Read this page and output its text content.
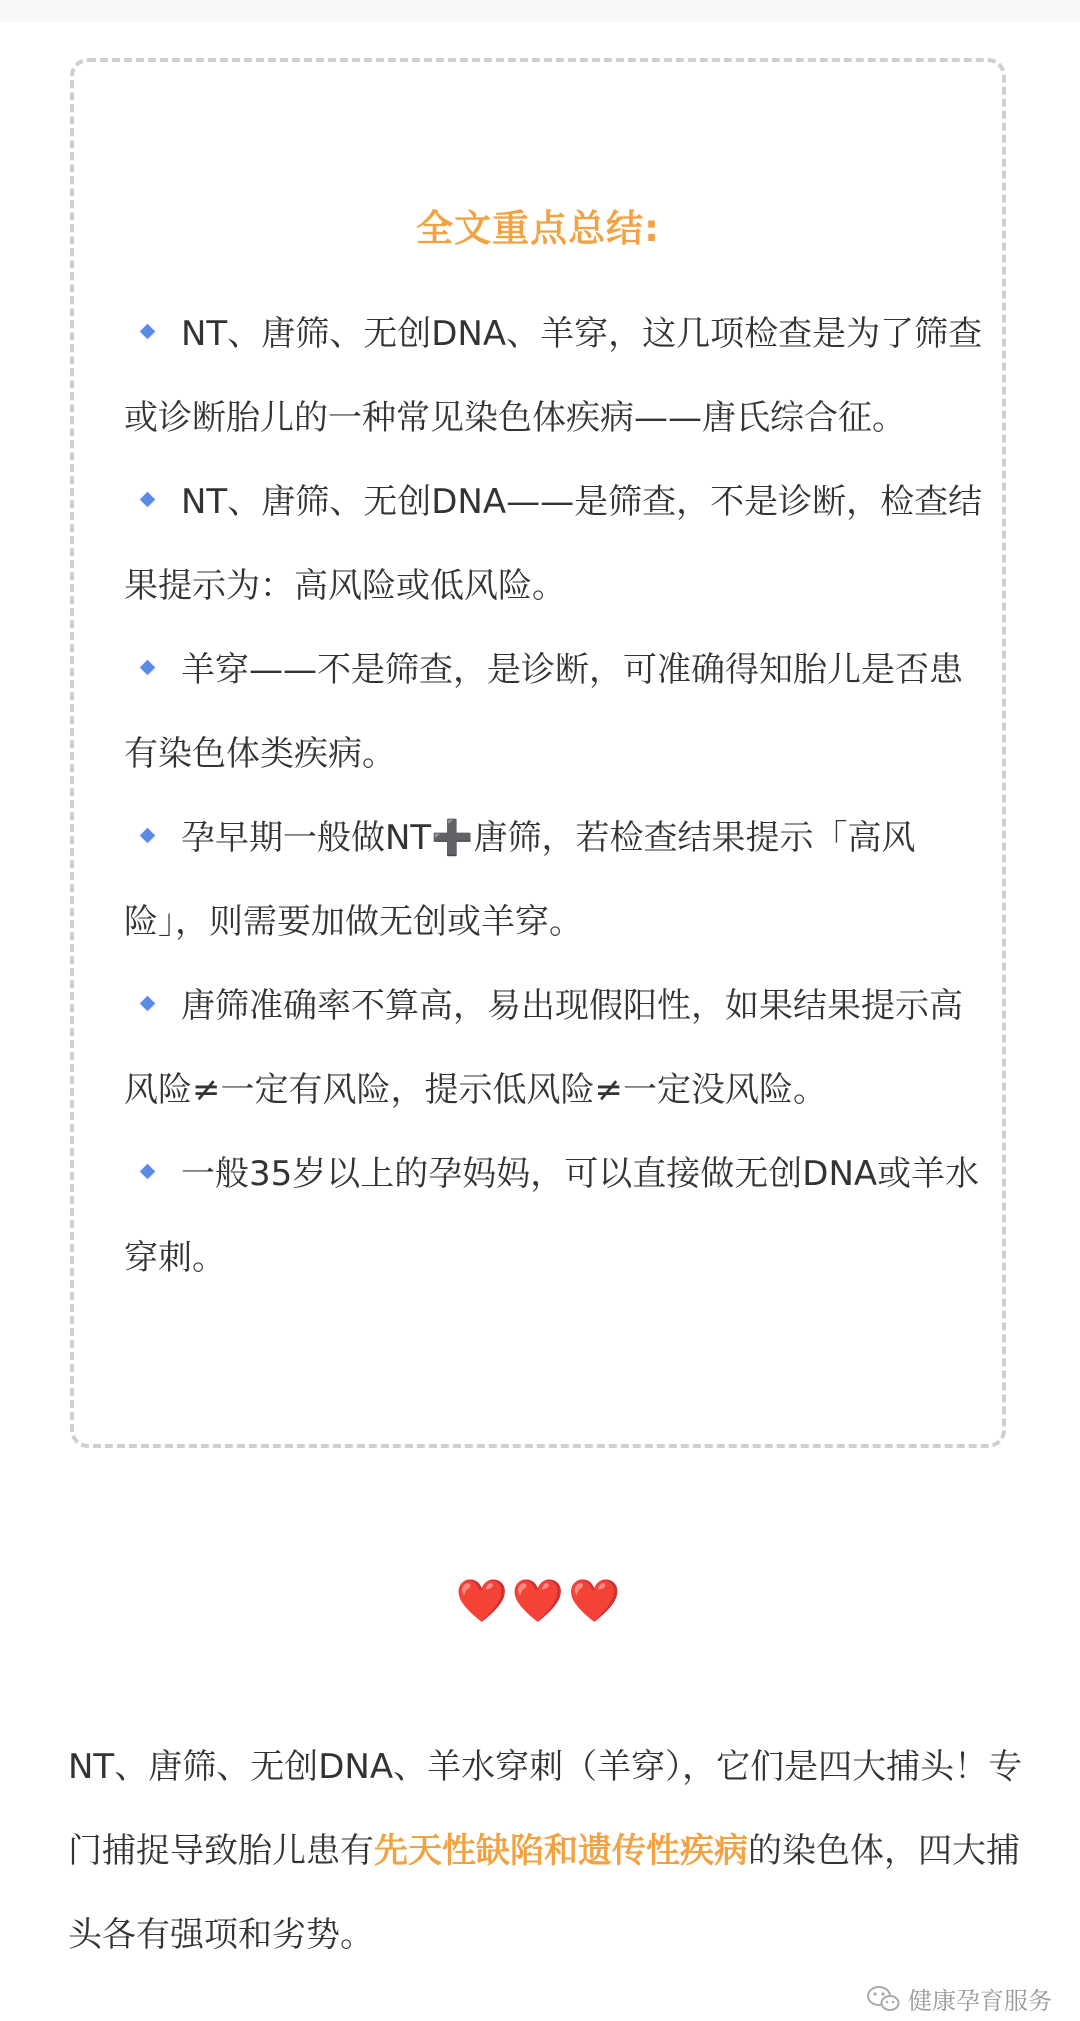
全文重点总结:
NT、唐筛、无创DNA、羊穿，这几项检查是为了筛查或诊断胎儿的一种常见染色体疾病——唐氏综合征。
NT、唐筛、无创DNA——是筛查，不是诊断，检查结果提示为：高风险或低风险。
羊穿——不是筛查，是诊断，可准确得知胎儿是否患有染色体类疾病。
孕早期一般做NT➕唐筛，若检查结果提示「高风险」，则需要加做无创或羊穿。
唐筛准确率不算高，易出现假阳性，如果结果提示高风险≠一定有风险，提示低风险≠一定没风险。
一般35岁以上的孕妈妈，可以直接做无创DNA或羊水穿刺。
❤️❤️❤️

NT、唐筛、无创DNA、羊水穿刺（羊穿），它们是四大捕头！专门捕捉导致胎儿患有先天性缺陷和遗传性疾病的染色体，四大捕头各有强项和劣势。

健康孕育服务
